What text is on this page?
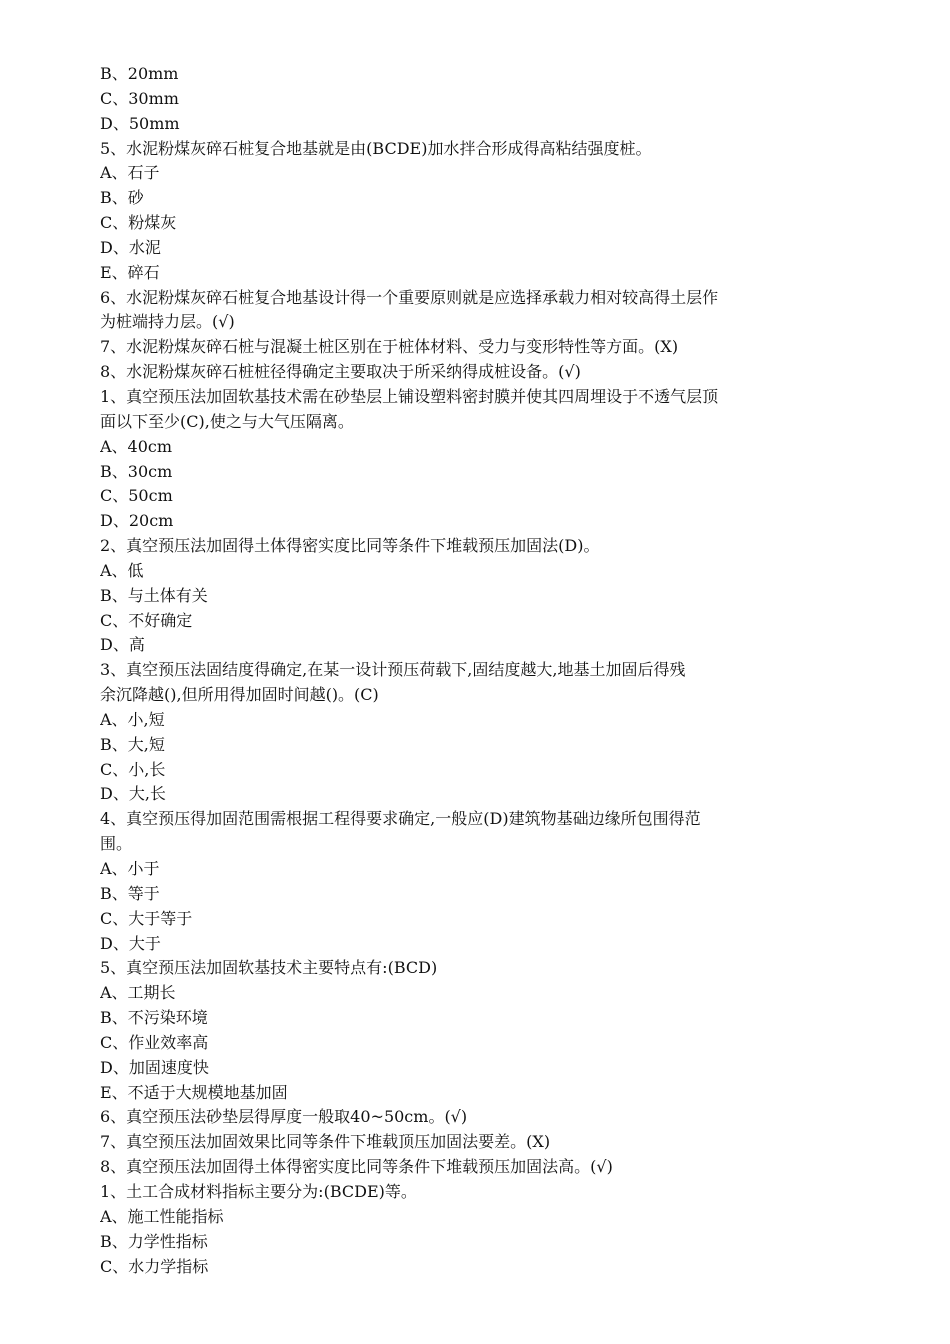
B、20mm
C、30mm
D、50mm
5、水泥粉煤灰碎石桩复合地基就是由(BCDE)加水拌合形成得高粘结强度桩。
A、石子
B、砂
C、粉煤灰
D、水泥
E、碎石
6、水泥粉煤灰碎石桩复合地基设计得一个重要原则就是应选择承载力相对较高得土层作
为桩端持力层。(√)
7、水泥粉煤灰碎石桩与混凝土桩区别在于桩体材料、受力与变形特性等方面。(X)
8、水泥粉煤灰碎石桩桩径得确定主要取决于所采纳得成桩设备。(√)
1、真空预压法加固软基技术需在砂垫层上铺设塑料密封膜并使其四周埋设于不透气层顶
面以下至少(C),使之与大气压隔离。
A、40cm
B、30cm
C、50cm
D、20cm
2、真空预压法加固得土体得密实度比同等条件下堆载预压加固法(D)。
A、低
B、与土体有关
C、不好确定
D、高
3、真空预压法固结度得确定,在某一设计预压荷载下,固结度越大,地基土加固后得残
余沉降越(),但所用得加固时间越()。(C)
A、小,短
B、大,短
C、小,长
D、大,长
4、真空预压得加固范围需根据工程得要求确定,一般应(D)建筑物基础边缘所包围得范
围。
A、小于
B、等于
C、大于等于
D、大于
5、真空预压法加固软基技术主要特点有:(BCD)
A、工期长
B、不污染环境
C、作业效率高
D、加固速度快
E、不适于大规模地基加固
6、真空预压法砂垫层得厚度一般取40~50cm。(√)
7、真空预压法加固效果比同等条件下堆载顶压加固法要差。(X)
8、真空预压法加固得土体得密实度比同等条件下堆载预压加固法高。(√)
1、土工合成材料指标主要分为:(BCDE)等。
A、施工性能指标
B、力学性指标
C、水力学指标
